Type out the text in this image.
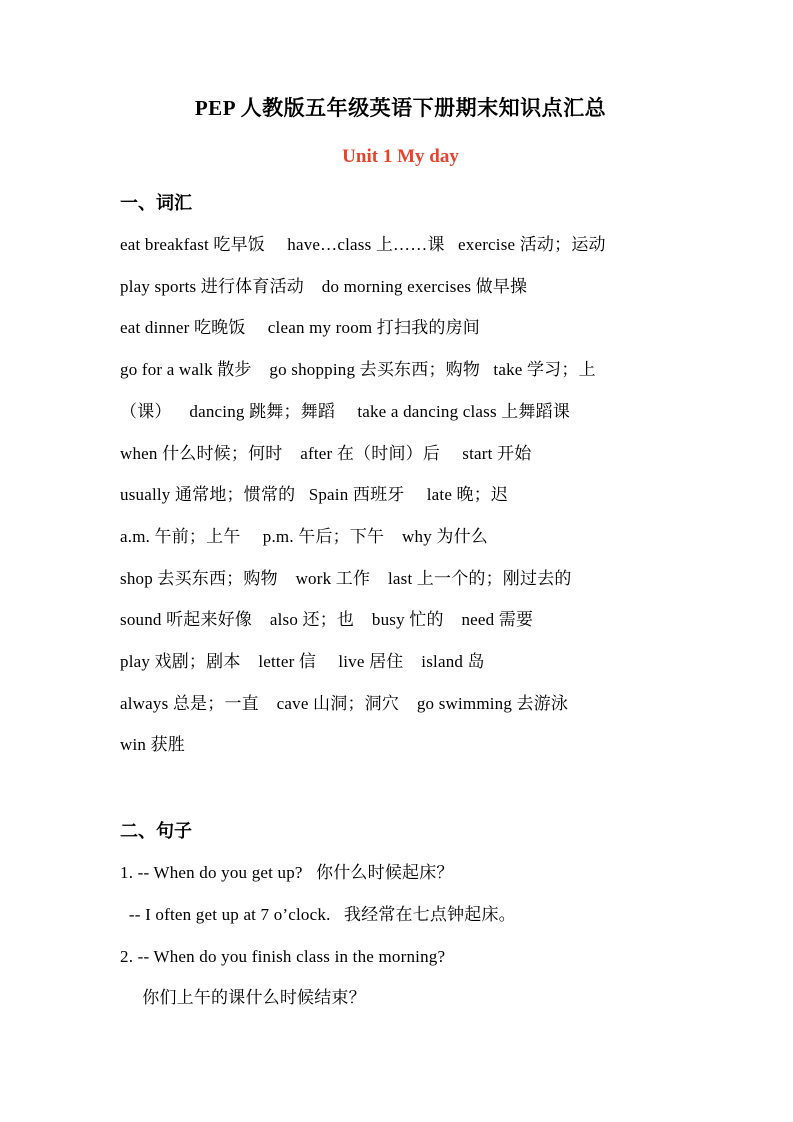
PEP 人教版五年级英语下册期末知识点汇总
Unit 1 My day
一、词汇

eat breakfast 吃早饭     have…class 上……课   exercise 活动；运动

play sports 进行体育活动    do morning exercises 做早操

eat dinner 吃晚饭     clean my room 打扫我的房间

go for a walk 散步    go shopping 去买东西；购物   take 学习；上

（课）    dancing 跳舞；舞蹈     take a dancing class 上舞蹈课

when 什么时候；何时    after 在（时间）后     start 开始

usually 通常地；惯常的   Spain 西班牙     late 晚；迟

a.m. 午前；上午     p.m. 午后；下午    why 为什么

shop 去买东西；购物    work 工作    last 上一个的；刚过去的

sound 听起来好像    also 还；也    busy 忙的    need 需要

play 戏剧；剧本    letter 信     live 居住    island 岛

always 总是；一直    cave 山洞；洞穴    go swimming 去游泳

win 获胜

二、句子

1. -- When do you get up?   你什么时候起床？

-- I often get up at 7 o’clock.   我经常在七点钟起床。

2. -- When do you finish class in the morning?

你们上午的课什么时候结束？
